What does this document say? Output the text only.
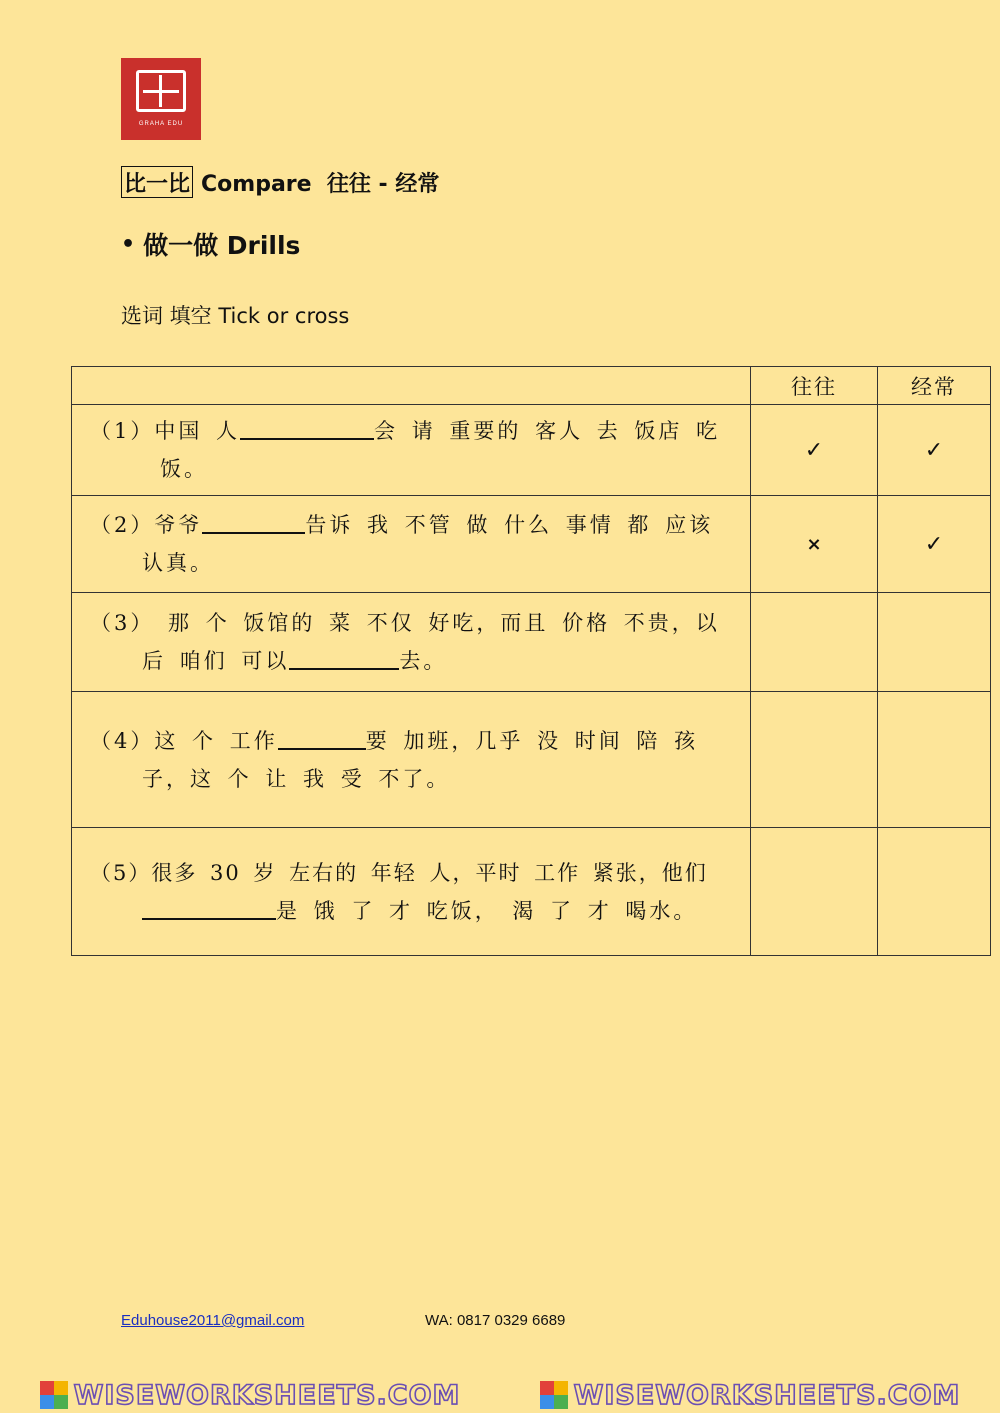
GRAHA EDU
比一比 Compare  往往 - 经常
• 做一做 Drills
选词 填空 Tick or cross
	往往	经常

（1）中国 人 会 请 重要的 客人 去 饭店 吃
饭。	✓	✓

（2）爷爷 告诉 我 不管 做 什么 事情 都 应该
认真。	×	✓

（3） 那 个 饭馆的 菜 不仅 好吃，而且 价格 不贵，以
后 咱们 可以 去。		

（4）这 个 工作 要 加班，几乎 没 时间 陪 孩
子，这 个 让 我 受 不了。		

（5）很多 30 岁 左右的 年轻 人，平时 工作 紧张，他们
是 饿 了 才 吃饭， 渴 了 才 喝水。		

Eduhouse2011@gmail.com	WA: 0817 0329 6689
WISEWORKSHEETS.COM	WISEWORKSHEETS.COM
